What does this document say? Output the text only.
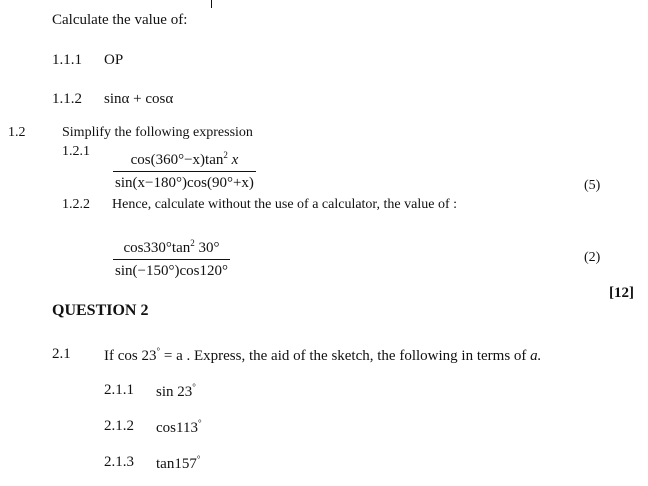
Calculate the value of:
1.1.1 OP
1.1.2 sinα + cosα
1.2	Simplify the following expression
1.2.1
$\cos(360^\circ-x)\tan^2$ x
sin(x−180°)cos(90°+x)	(5)
1.2.2 Hence, calculate without the use of a calculator, the value of :
$\cos 330^\circ\tan^2$ 30°
sin(−150°)cos120°
(2)
[12]
QUESTION 2
2.1 If cos 23° = a . Express, the aid of the sketch, the following in terms of a.
2.1.1 sin 23°
2.1.2 cos113°
2.1.3 tan157°
